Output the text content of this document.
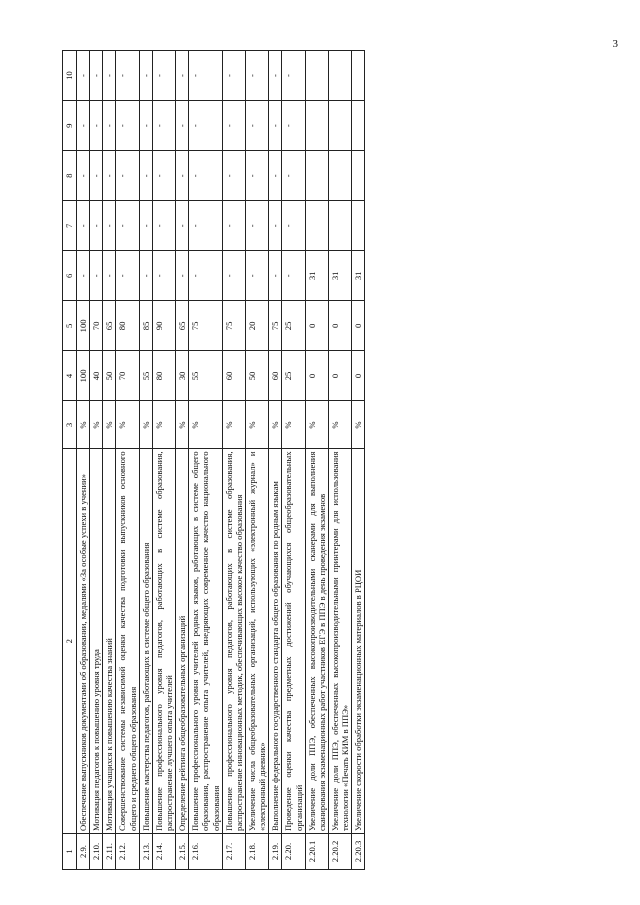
3
1	2	3	4	5	6	7	8	9	10
2.9.	Обеспечение выпускников документами об образовании, медалями «За особые успехи в учении»	%	100	100	-	-	-	-	-
2.10.	Мотивация педагогов к повышению уровня труда	%	40	70	-	-	-	-	-
2.11.	Мотивация учащихся к повышению качества знаний	%	50	65	-	-	-	-	-
2.12.	Совершенствование системы независимой оценки качества подготовки выпускников основного общего и среднего общего образования	%	70	80	-	-	-	-	-
2.13.	Повышение мастерства педагогов, работающих в системе общего образования	%	55	85	-	-	-	-	-
2.14.	Повышение профессионального уровня педагогов, работающих в системе образования, распространение лучшего опыта учителей	%	80	90	-	-	-	-	-
2.15.	Определение рейтинга общеобразовательных организаций	%	30	65	-	-	-	-	-
2.16.	Повышение профессионального уровня учителей родных языков, работающих в системе общего образования, распространение опыта учителей, внедряющих современное качество национального образования	%	55	75	-	-	-	-	-
2.17.	Повышение профессионального уровня педагогов, работающих в системе образования, распространение инновационных методик, обеспечивающих высокое качество образования	%	60	75	-	-	-	-	-
2.18.	Увеличение числа общеобразовательных организаций, использующих «электронный журнал» и «электронный дневник»	%	50	20	-	-	-	-	-
2.19.	Выполнение федерального государственного стандарта общего образования по родным языкам	%	60	75	-	-	-	-	-
2.20.	Проведение оценки качества предметных достижений обучающихся общеобразовательных организаций	%	25	25	-	-	-	-	-
2.20.1	Увеличение доли ППЭ, обеспеченных высокопроизводительными сканерами для выполнения сканирования экзаменационных работ участников ЕГЭ в ППЭ в день проведения экзаменов	%	0	0	31				
2.20.2	Увеличение доли ППЭ, обеспеченных высокопроизводительными принтерами для использования технологии «Печать КИМ в ППЭ»	%	0	0	31				
2.20.3	Увеличение скорости обработки экзаменационных материалов в РЦОИ	%	0	0	31				
